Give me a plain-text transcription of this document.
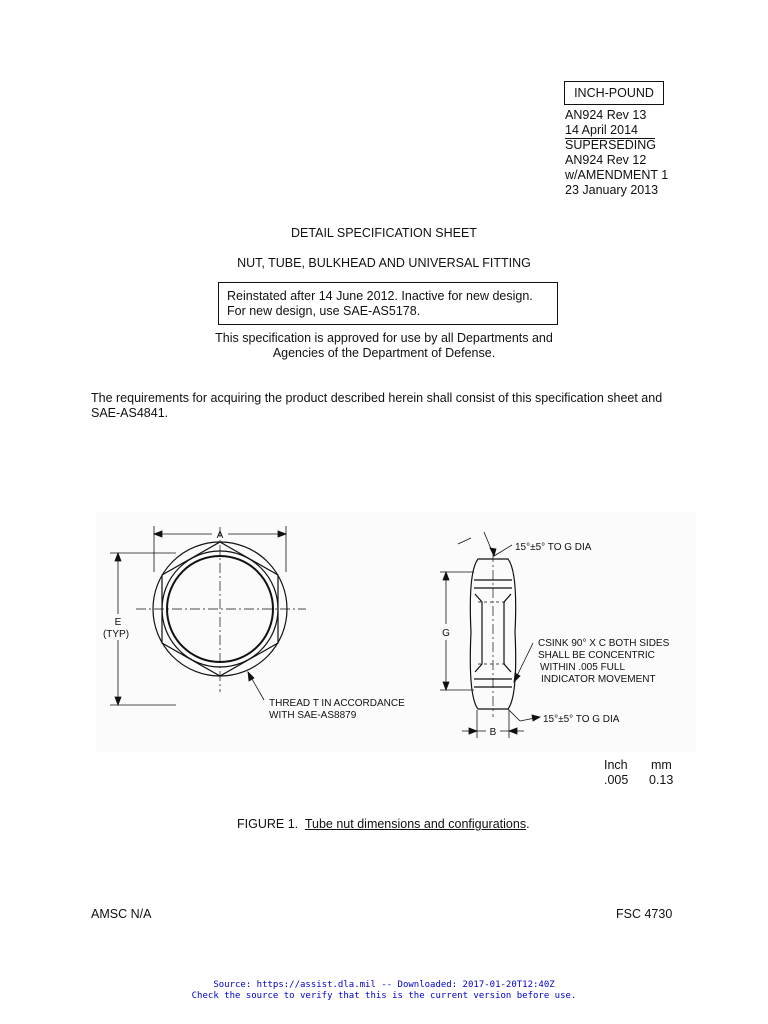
INCH-POUND
AN924 Rev 13
14 April 2014
SUPERSEDING
AN924 Rev 12
w/AMENDMENT 1
23 January 2013
DETAIL SPECIFICATION SHEET
NUT, TUBE, BULKHEAD AND UNIVERSAL FITTING
Reinstated after 14 June 2012. Inactive for new design.
For new design, use SAE-AS5178.
This specification is approved for use by all Departments and
Agencies of the Department of Defense.
The requirements for acquiring the product described herein shall consist of this specification sheet and
SAE-AS4841.
A
E
(TYP)
THREAD T IN ACCORDANCE
WITH SAE-AS8879
G
B
15°±5° TO G DIA
15°±5° TO G DIA
CSINK 90° X C BOTH SIDES
SHALL BE CONCENTRIC
WITHIN .005 FULL
INDICATOR MOVEMENT
Inch mm
.005 0.13
FIGURE 1. Tube nut dimensions and configurations.
AMSC N/A	FSC 4730
Source: https://assist.dla.mil -- Downloaded: 2017-01-20T12:40Z
Check the source to verify that this is the current version before use.
